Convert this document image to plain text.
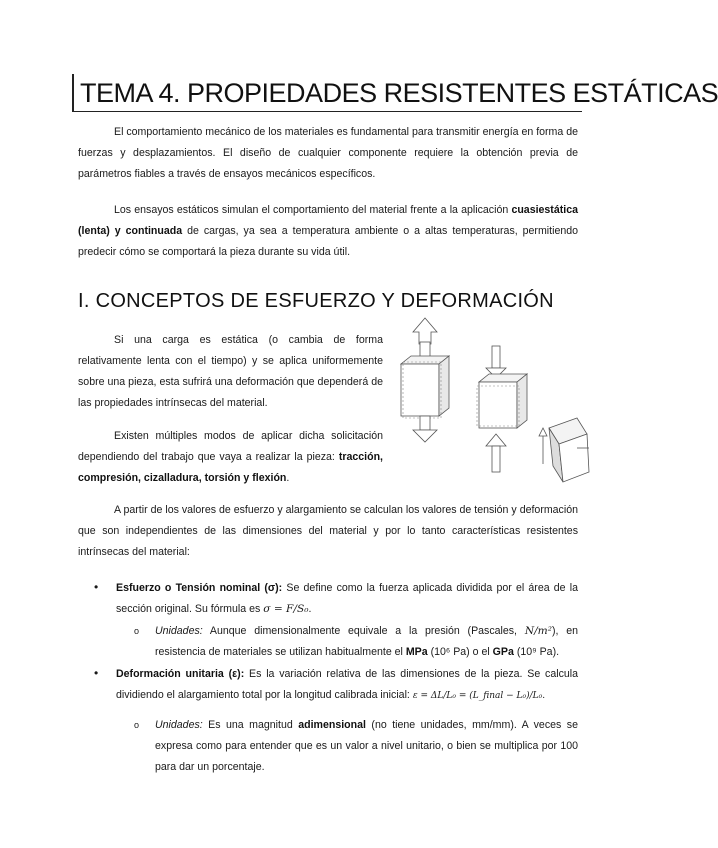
TEMA 4. PROPIEDADES RESISTENTES ESTÁTICAS
El comportamiento mecánico de los materiales es fundamental para transmitir energía en forma de fuerzas y desplazamientos. El diseño de cualquier componente requiere la obtención previa de parámetros fiables a través de ensayos mecánicos específicos.
Los ensayos estáticos simulan el comportamiento del material frente a la aplicación cuasiestática (lenta) y continuada de cargas, ya sea a temperatura ambiente o a altas temperaturas, permitiendo predecir cómo se comportará la pieza durante su vida útil.
I. CONCEPTOS DE ESFUERZO Y DEFORMACIÓN
Si una carga es estática (o cambia de forma relativamente lenta con el tiempo) y se aplica uniformemente sobre una pieza, esta sufrirá una deformación que dependerá de las propiedades intrínsecas del material.
Existen múltiples modos de aplicar dicha solicitación dependiendo del trabajo que vaya a realizar la pieza: tracción, compresión, cizalladura, torsión y flexión.
A partir de los valores de esfuerzo y alargamiento se calculan los valores de tensión y deformación que son independientes de las dimensiones del material y por lo tanto características resistentes intrínsecas del material:
• Esfuerzo o Tensión nominal (σ): Se define como la fuerza aplicada dividida por el área de la sección original. Su fórmula es σ = F/S₀.
o Unidades: Aunque dimensionalmente equivale a la presión (Pascales, N/m²), en resistencia de materiales se utilizan habitualmente el MPa (10⁶ Pa) o el GPa (10⁹ Pa).
• Deformación unitaria (ε): Es la variación relativa de las dimensiones de la pieza. Se calcula dividiendo el alargamiento total por la longitud calibrada inicial: ε = ΔL/L₀ = (L_final − L₀)/L₀.
o Unidades: Es una magnitud adimensional (no tiene unidades, mm/mm). A veces se expresa como para entender que es un valor a nivel unitario, o bien se multiplica por 100 para dar un porcentaje.
